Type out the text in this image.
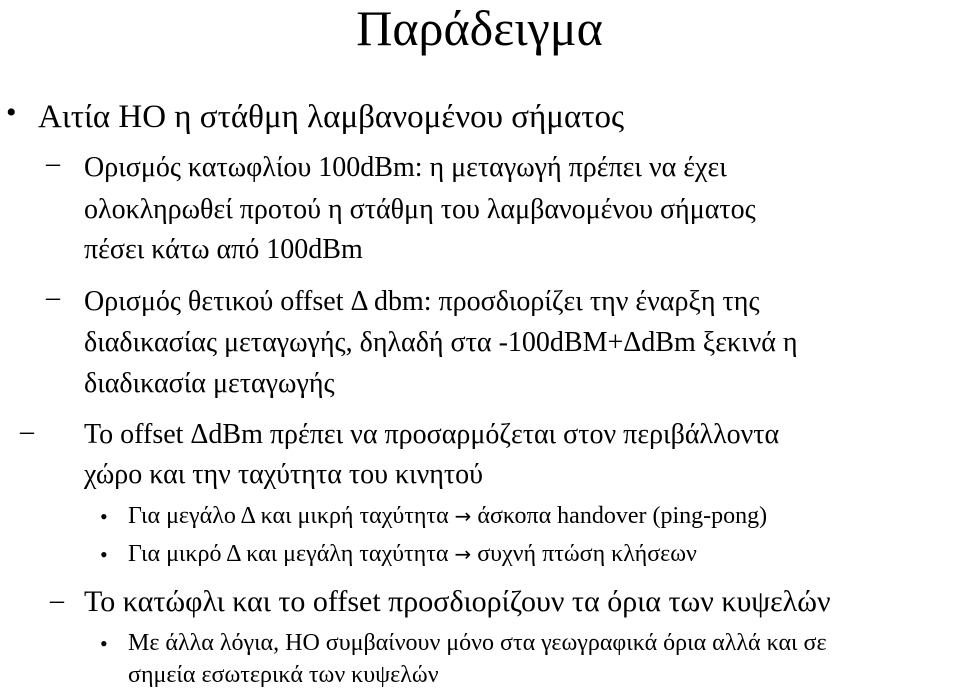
Παράδειγμα
• Αιτία HO η στάθμη λαμβανομένου σήματος
– Ορισμός κατωφλίου 100dBm: η μεταγωγή πρέπει να έχει
ολοκληρωθεί προτού η στάθμη του λαμβανομένου σήματος
πέσει κάτω από 100dBm
– Ορισμός θετικού offset Δ dbm: προσδιορίζει την έναρξη της
διαδικασίας μεταγωγής, δηλαδή στα -100dBM+ΔdBm ξεκινά η
διαδικασία μεταγωγής
– Το offset ΔdBm πρέπει να προσαρμόζεται στον περιβάλλοντα
χώρο και την ταχύτητα του κινητού
• Για μεγάλο Δ και μικρή ταχύτητα → άσκοπα handover (ping-pong)
• Για μικρό Δ και μεγάλη ταχύτητα → συχνή πτώση κλήσεων
– Το κατώφλι και το offset προσδιορίζουν τα όρια των κυψελών
• Με άλλα λόγια, HO συμβαίνουν μόνο στα γεωγραφικά όρια αλλά και σε
σημεία εσωτερικά των κυψελών
